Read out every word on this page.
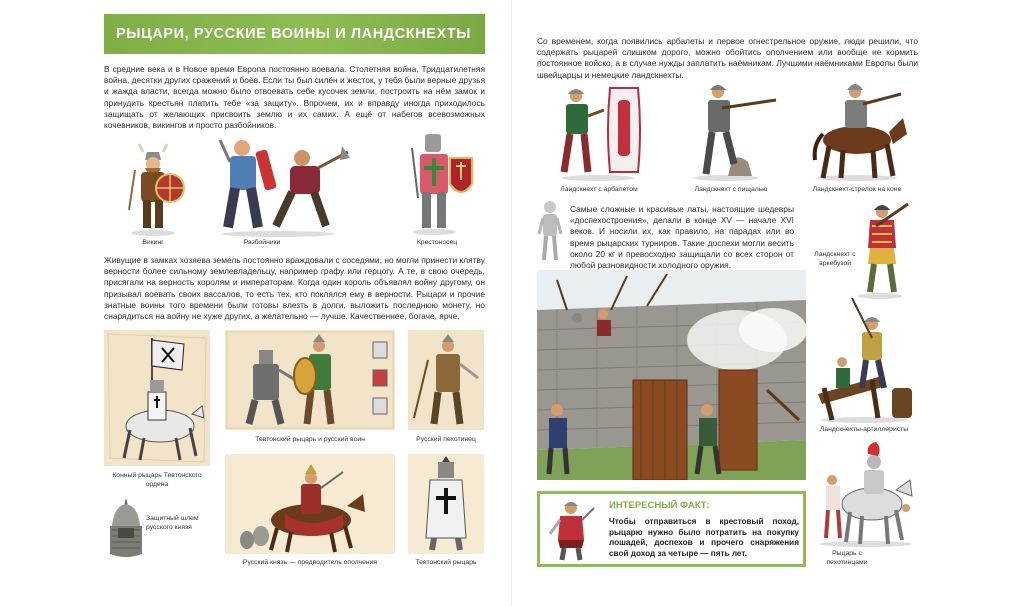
РЫЦАРИ, РУССКИЕ ВОИНЫ И ЛАНДСКНЕХТЫ

В средние века и в Новое время Европа постоянно воевала. Столетняя война, Тридцатилетняя война, десятки других сражений и боёв. Если ты был силён и жесток, у тебя были верные друзья и жажда власти, всегда можно было отвоевать себе кусочек земли, построить на нём замок и принудить крестьян платить тебе «за защиту». Впрочем, их и вправду иногда приходилось защищать от желающих присвоить землю и их самих. А ещё от набегов всевозможных кочевников, викингов и просто разбойников.

Викинг	Разбойники	Крестоносец

Живущие в замках хозяева земель постоянно враждовали с соседями, но могли принести клятву верности более сильному землевладельцу, например графу или герцогу. А те, в свою очередь, присягали на верность королям и императорам. Когда один король объявлял войну другому, он призывал воевать своих вассалов, то есть тех, кто поклялся ему в верности. Рыцари и прочие знатные воины того времени были готовы влезть в долги, выложить последнюю монету, но снарядиться на войну не хуже других, а желательно — лучше. Качественнее, богаче, ярче.

Конный рыцарь Тевтонского ордена
Защитный шлем русского князя
Тевтонский рыцарь и русский воин	Русский пехотинец
Русский князь — предводитель ополчения	Тевтонский рыцарь

Со временем, когда появились арбалеты и первое огнестрельное оружие, люди решили, что содержать рыцарей слишком дорого, можно обойтись ополчением или вообще не кормить постоянное войско, а в случае нужды заплатить наёмникам. Лучшими наёмниками Европы были швейцарцы и немецкие ландскнехты.

Ландскнехт с арбалетом	Ландскнехт с пищалью	Ландскнехт-стрелок на коне

Самые сложные и красивые латы, настоящие шедевры «доспехостроения», делали в конце XV — начале XVI веков. И носили их, как правило, на парадах или во время рыцарских турниров. Такие доспехи могли весить около 20 кг и превосходно защищали со всех сторон от любой разновидности холодного оружия.

Ландскнехт с аркебузой
Ландскнехты-артиллеристы
Рыцарь с пехотинцами
ИНТЕРЕСНЫЙ ФАКТ:
Чтобы отправиться в крестовый поход, рыцарю нужно было потратить на покупку лошадей, доспехов и прочего снаряжения свой доход за четыре — пять лет.
